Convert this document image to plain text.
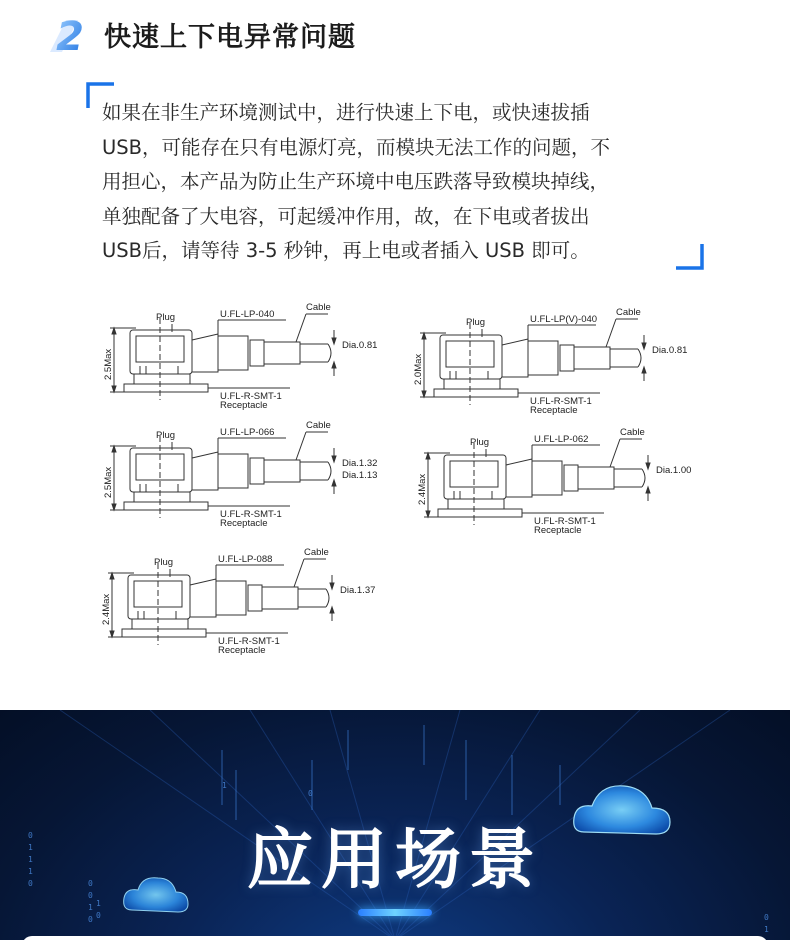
2 快速上下电异常问题

如果在非生产环境测试中，进行快速上下电，或快速拔插

USB，可能存在只有电源灯亮，而模块无法工作的问题，不

用担心，本产品为防止生产环境中电压跌落导致模块掉线，

单独配备了大电容，可起缓冲作用，故，在下电或者拔出

USB后，请等待 3-5 秒钟，再上电或者插入 USB 即可。

Plug	U.FL-LP-040
Cable
Dia.0.81
U.FL-R-SMT-1
Receptacle
2.5Max
Plug	U.FL-LP(V)-040
Cable
Dia.0.81
U.FL-R-SMT-1
Receptacle
2.0Max
Plug	U.FL-LP-066
Cable
Dia.1.32
Dia.1.13
U.FL-R-SMT-1
Receptacle
2.5Max
Plug	U.FL-LP-062
Cable
Dia.1.00
U.FL-R-SMT-1
Receptacle
2.4Max
Plug	U.FL-LP-088
Cable
Dia.1.37
U.FL-R-SMT-1
Receptacle
2.4Max
0
1
1
1
0	0
0
1
0
1
0	0
1
1
0
应用场景
